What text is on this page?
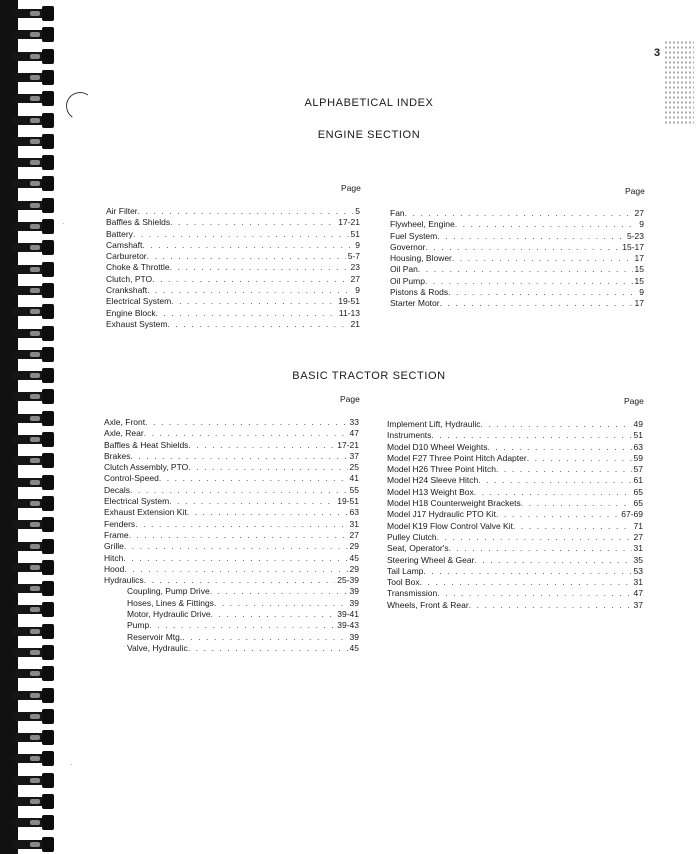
·
·
3
ALPHABETICAL INDEX
ENGINE SECTION
Page	Page
Air Filter . . .	5
Baffles & Shields . . .	17-21
Battery . . .	51
Camshaft . . .	9
Carburetor . . .	5-7
Choke & Throttle . . .	23
Clutch, PTO . . .	27
Crankshaft . . .	9
Electrical System . . .	19-51
Engine Block . . .	11-13
Exhaust System . . .	21
Fan . . .	27
Flywheel, Engine . . .	9
Fuel System . . .	5-23
Governor . . .	15-17
Housing, Blower . . .	17
Oil Pan . . .	15
Oil Pump . . .	15
Pistons & Rods . . .	9
Starter Motor . . .	17
BASIC TRACTOR SECTION
Page	Page
Axle, Front . . .	33
Axle, Rear . . .	47
Baffles & Heat Shields . . .	17-21
Brakes . . .	37
Clutch Assembly, PTO . . .	25
Control-Speed . . .	41
Decals . . .	55
Electrical System . . .	19-51
Exhaust Extension Kit . . .	63
Fenders . . .	31
Frame . . .	27
Grille . . .	29
Hitch . . .	45
Hood . . .	29
Hydraulics . . .	25-39
Coupling, Pump Drive . . .	39
Hoses, Lines & Fittings . . .	39
Motor, Hydraulic Drive . . .	39-41
Pump . . .	39-43
Reservoir Mtg. . . .	39
Valve, Hydraulic . . .	45
Implement Lift, Hydraulic . . .	49
Instruments . . .	51
Model D10 Wheel Weights . . .	63
Model F27 Three Point Hitch Adapter . . .	59
Model H26 Three Point Hitch . . .	57
Model H24 Sleeve Hitch . . .	61
Model H13 Weight Box . . .	65
Model H18 Counterweight Brackets . . .	65
Model J17 Hydraulic PTO Kit . . .	67-69
Model K19 Flow Control Valve Kit . . .	71
Pulley Clutch . . .	27
Seat, Operator's . . .	31
Steering Wheel & Gear . . .	35
Tail Lamp . . .	53
Tool Box . . .	31
Transmission . . .	47
Wheels, Front & Rear . . .	37
